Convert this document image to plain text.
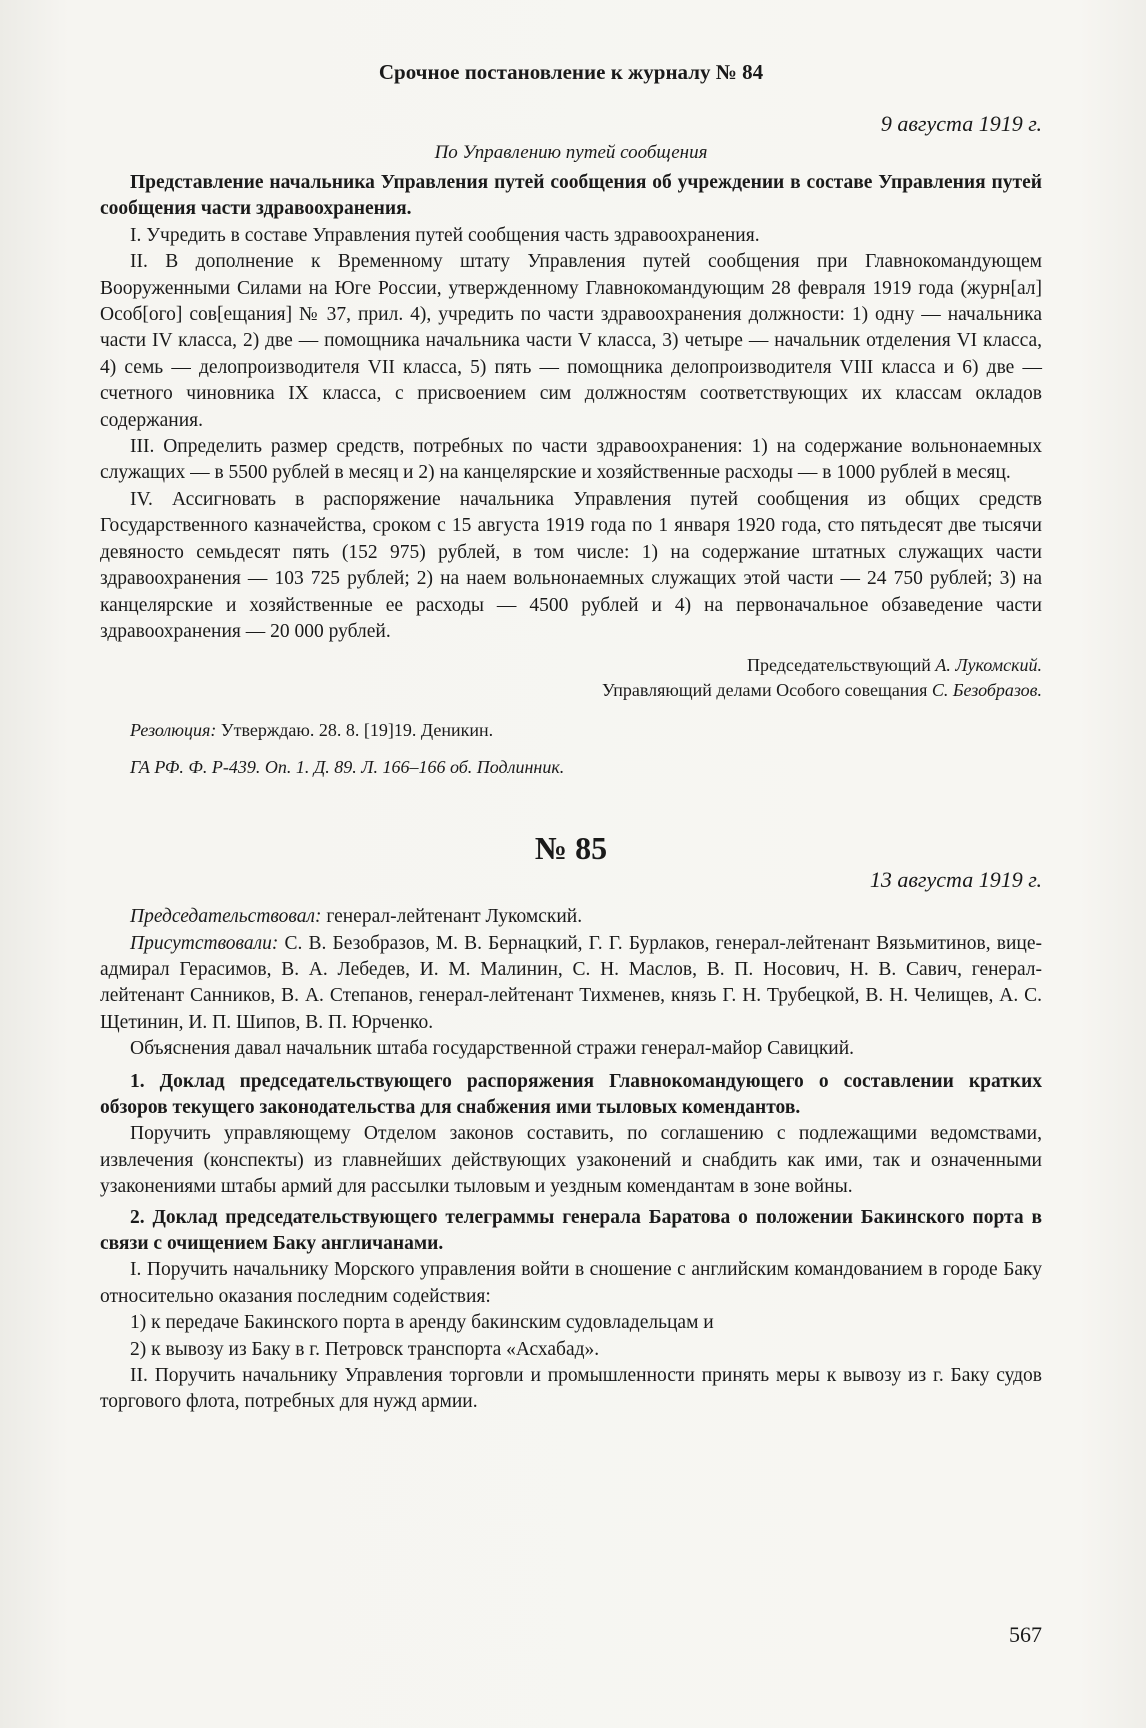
Срочное постановление к журналу № 84

9 августа 1919 г.

По Управлению путей сообщения

Представление начальника Управления путей сообщения об учреждении в составе Управления путей сообщения части здравоохранения.

I. Учредить в составе Управления путей сообщения часть здравоохранения.

II. В дополнение к Временному штату Управления путей сообщения при Главнокомандующем Вооруженными Силами на Юге России, утвержденному Главнокомандующим 28 февраля 1919 года (журн[ал] Особ[ого] сов[ещания] № 37, прил. 4), учредить по части здравоохранения должности: 1) одну — начальника части IV класса, 2) две — помощника начальника части V класса, 3) четыре — начальник отделения VI класса, 4) семь — делопроизводителя VII класса, 5) пять — помощника делопроизводителя VIII класса и 6) две — счетного чиновника IX класса, с присвоением сим должностям соответствующих их классам окладов содержания.

III. Определить размер средств, потребных по части здравоохранения: 1) на содержание вольнонаемных служащих — в 5500 рублей в месяц и 2) на канцелярские и хозяйственные расходы — в 1000 рублей в месяц.

IV. Ассигновать в распоряжение начальника Управления путей сообщения из общих средств Государственного казначейства, сроком с 15 августа 1919 года по 1 января 1920 года, сто пятьдесят две тысячи девяносто семьдесят пять (152 975) рублей, в том числе: 1) на содержание штатных служащих части здравоохранения — 103 725 рублей; 2) на наем вольнонаемных служащих этой части — 24 750 рублей; 3) на канцелярские и хозяйственные ее расходы — 4500 рублей и 4) на первоначальное обзаведение части здравоохранения — 20 000 рублей.

Председательствующий А. Лукомский.

Управляющий делами Особого совещания С. Безобразов.

Резолюция: Утверждаю. 28. 8. [19]19. Деникин.

ГА РФ. Ф. Р-439. Оп. 1. Д. 89. Л. 166–166 об. Подлинник.

№ 85

13 августа 1919 г.

Председательствовал: генерал-лейтенант Лукомский.

Присутствовали: С. В. Безобразов, М. В. Бернацкий, Г. Г. Бурлаков, генерал-лейтенант Вязьмитинов, вице-адмирал Герасимов, В. А. Лебедев, И. М. Малинин, С. Н. Маслов, В. П. Носович, Н. В. Савич, генерал-лейтенант Санников, В. А. Степанов, генерал-лейтенант Тихменев, князь Г. Н. Трубецкой, В. Н. Челищев, А. С. Щетинин, И. П. Шипов, В. П. Юрченко.

Объяснения давал начальник штаба государственной стражи генерал-майор Савицкий.

1. Доклад председательствующего распоряжения Главнокомандующего о составлении кратких обзоров текущего законодательства для снабжения ими тыловых комендантов.

Поручить управляющему Отделом законов составить, по соглашению с подлежащими ведомствами, извлечения (конспекты) из главнейших действующих узаконений и снабдить как ими, так и означенными узаконениями штабы армий для рассылки тыловым и уездным комендантам в зоне войны.

2. Доклад председательствующего телеграммы генерала Баратова о положении Бакинского порта в связи с очищением Баку англичанами.

I. Поручить начальнику Морского управления войти в сношение с английским командованием в городе Баку относительно оказания последним содействия:

1) к передаче Бакинского порта в аренду бакинским судовладельцам и

2) к вывозу из Баку в г. Петровск транспорта «Асхабад».

II. Поручить начальнику Управления торговли и промышленности принять меры к вывозу из г. Баку судов торгового флота, потребных для нужд армии.

567
